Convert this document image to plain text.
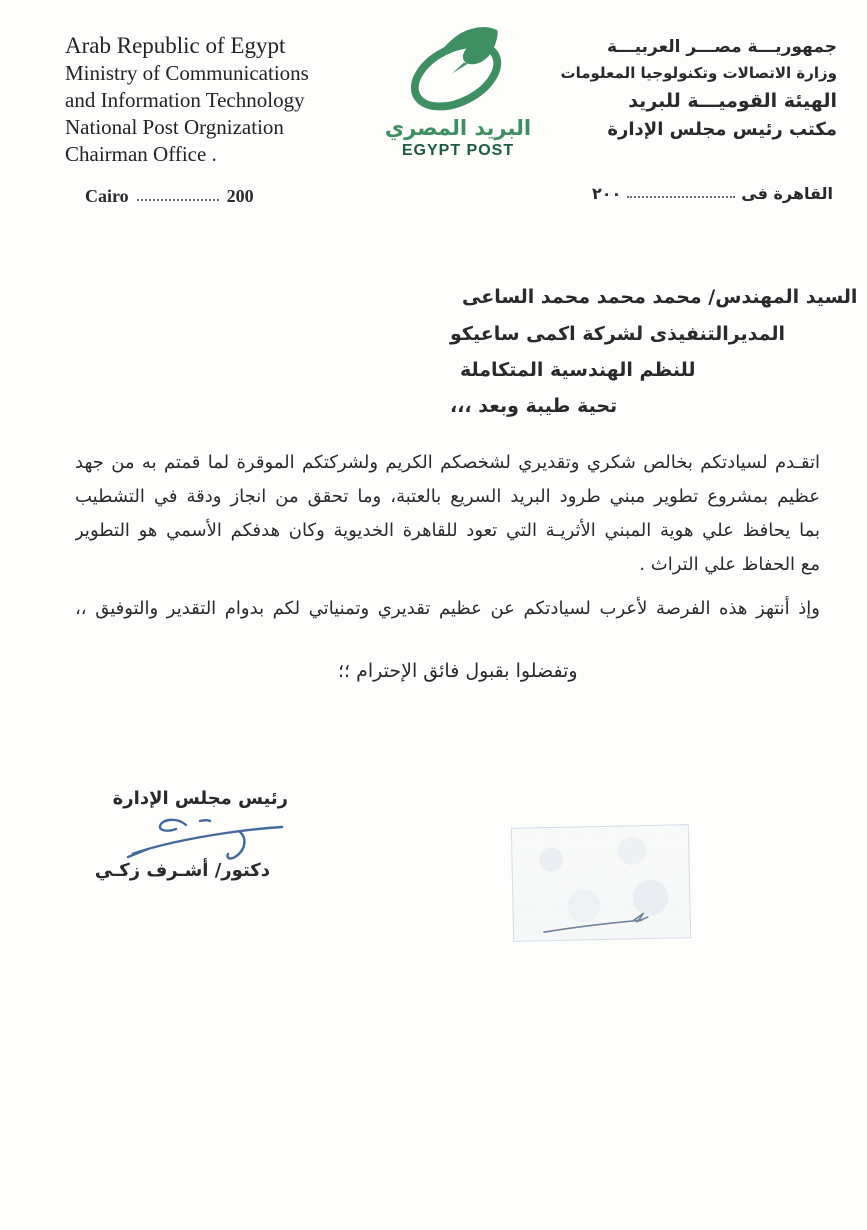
Arab Republic of Egypt
Ministry of Communications
and Information Technology
National Post Orgnization
Chairman Office .
البريد المصري
EGYPT POST
جمهوريـــة مصـــر العربيـــة
وزارة الاتصالات وتكنولوجيا المعلومات
الهيئة القوميـــة للبريد
مكتب رئيس مجلس الإدارة
Cairo	200	القاهرة فى
٢٠٠
السيد المهندس/ محمد محمد محمد الساعى
المديرالتنفيذى لشركة اكمى ساعيكو
للنظم الهندسية المتكاملة
تحية طيبة وبعد ،،،
اتقـدم لسيادتكم بخالص شكري وتقديري لشخصكم الكريم ولشركتكم الموقرة لما قمتم به من جهد
عظيم بمشروع تطوير مبني طرود البريد السريع بالعتبة، وما تحقق من انجاز ودقة في التشطيب
بما يحافظ علي هوية المبني الأثريـة التي تعود للقاهرة الخديوية وكان هدفكم الأسمي هو التطوير
مع الحفاظ علي التراث .
وإذ أنتهز هذه الفرصة لأعرب لسيادتكم عن عظيم تقديري وتمنياتي لكم بدوام التقدير والتوفيق ،،
وتفضلوا بقبول فائق الإحترام ؛؛
رئيس مجلس الإدارة
دكتور/ أشـرف زكـي
